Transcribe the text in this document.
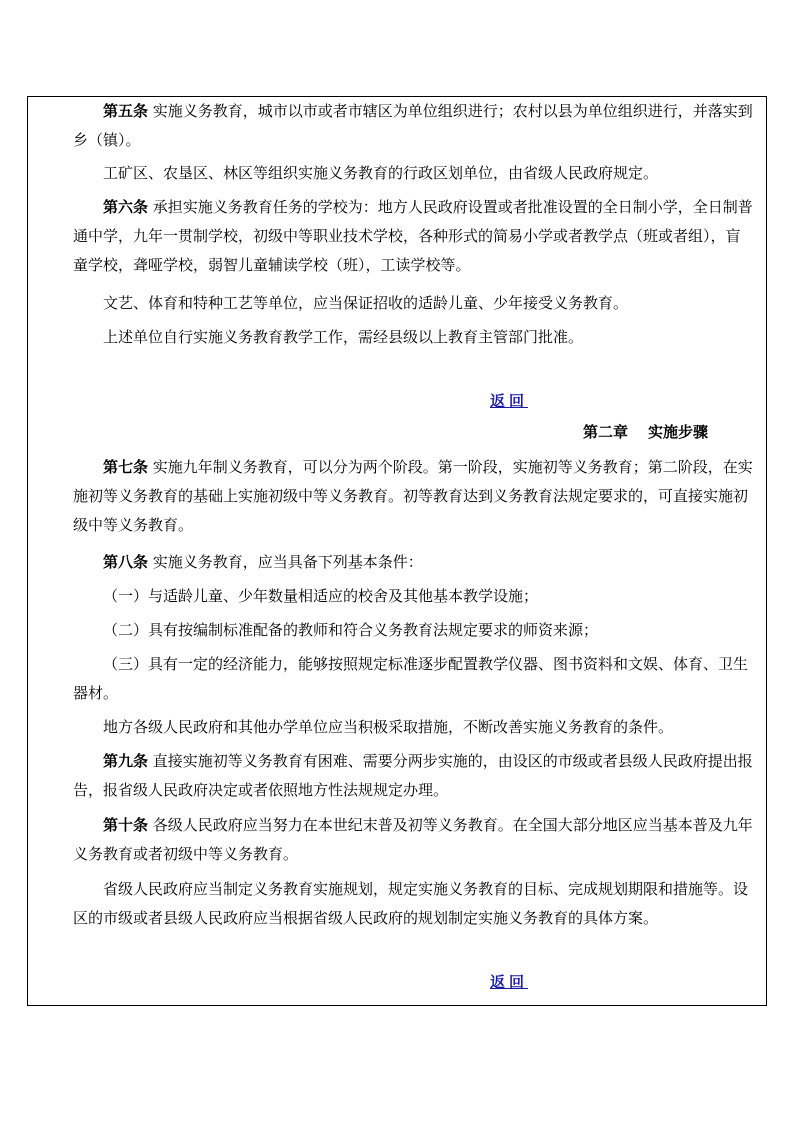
第五条 实施义务教育，城市以市或者市辖区为单位组织进行；农村以县为单位组织进行，并落实到乡（镇）。

工矿区、农垦区、林区等组织实施义务教育的行政区划单位，由省级人民政府规定。

第六条 承担实施义务教育任务的学校为：地方人民政府设置或者批准设置的全日制小学，全日制普通中学，九年一贯制学校，初级中等职业技术学校，各种形式的简易小学或者教学点（班或者组），盲童学校，聋哑学校，弱智儿童辅读学校（班），工读学校等。

文艺、体育和特种工艺等单位，应当保证招收的适龄儿童、少年接受义务教育。

上述单位自行实施义务教育教学工作，需经县级以上教育主管部门批准。

返回
第二章 实施步骤

第七条 实施九年制义务教育，可以分为两个阶段。第一阶段，实施初等义务教育；第二阶段，在实施初等义务教育的基础上实施初级中等义务教育。初等教育达到义务教育法规定要求的，可直接实施初级中等义务教育。

第八条 实施义务教育，应当具备下列基本条件：

（一）与适龄儿童、少年数量相适应的校舍及其他基本教学设施；

（二）具有按编制标准配备的教师和符合义务教育法规定要求的师资来源；

（三）具有一定的经济能力，能够按照规定标准逐步配置教学仪器、图书资料和文娱、体育、卫生器材。

地方各级人民政府和其他办学单位应当积极采取措施，不断改善实施义务教育的条件。

第九条 直接实施初等义务教育有困难、需要分两步实施的，由设区的市级或者县级人民政府提出报告，报省级人民政府决定或者依照地方性法规规定办理。

第十条 各级人民政府应当努力在本世纪末普及初等义务教育。在全国大部分地区应当基本普及九年义务教育或者初级中等义务教育。

省级人民政府应当制定义务教育实施规划，规定实施义务教育的目标、完成规划期限和措施等。设区的市级或者县级人民政府应当根据省级人民政府的规划制定实施义务教育的具体方案。

返回
